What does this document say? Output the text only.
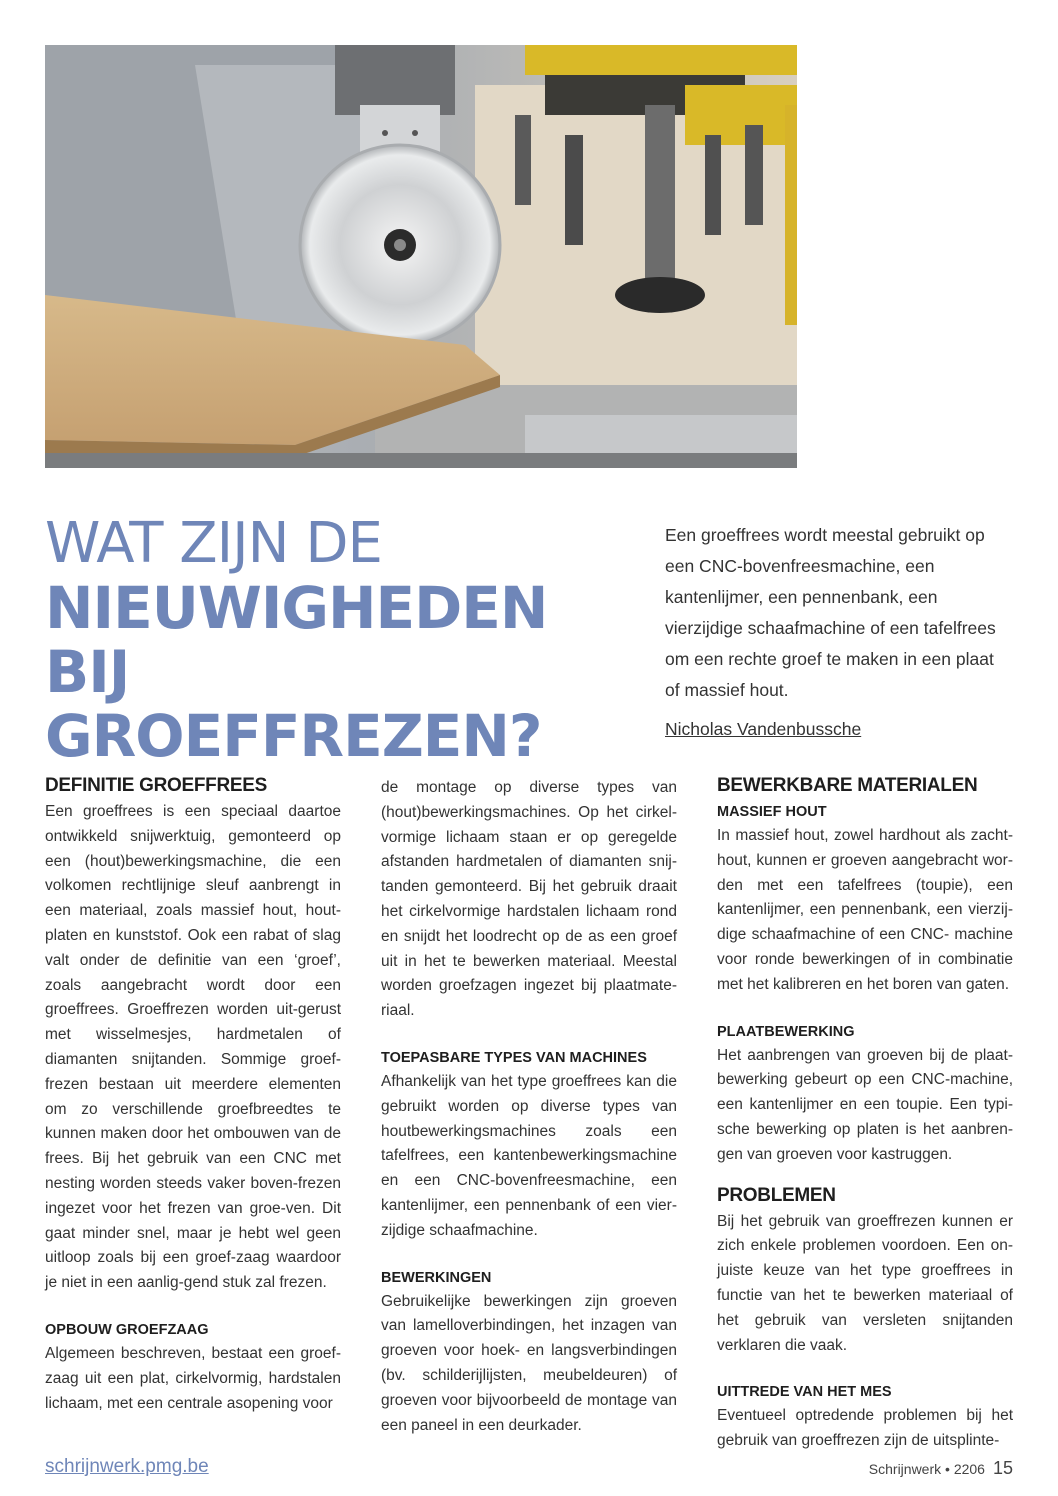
WAT ZIJN DE
NIEUWIGHEDEN
BIJ GROEFFREZEN?
Een groeffrees wordt meestal gebruikt op een CNC-bovenfreesmachine, een kantenlijmer, een pennenbank, een vierzijdige schaafmachine of een tafelfrees om een rechte groef te maken in een plaat of massief hout.
Nicholas Vandenbussche
DEFINITIE GROEFFREES

Een groeffrees is een speciaal daartoe ontwikkeld snijwerktuig, gemonteerd op een (hout)bewerkingsmachine, die een volkomen rechtlijnige sleuf aanbrengt in een materiaal, zoals massief hout, hout-platen en kunststof. Ook een rabat of slag valt onder de definitie van een ‘groef’, zoals aangebracht wordt door een groeffrees. Groeffrezen worden uit-gerust met wisselmesjes, hardmetalen of diamanten snijtanden. Sommige groef-frezen bestaan uit meerdere elementen om zo verschillende groefbreedtes te kunnen maken door het ombouwen van de frees. Bij het gebruik van een CNC met nesting worden steeds vaker boven-frezen ingezet voor het frezen van groe-ven. Dit gaat minder snel, maar je hebt wel geen uitloop zoals bij een groef-zaag waardoor je niet in een aanlig-gend stuk zal frezen.

OPBOUW GROEFZAAG

Algemeen beschreven, bestaat een groef-zaag uit een plat, cirkelvormig, hardstalen lichaam, met een centrale asopening voor

de montage op diverse types van (hout)bewerkingsmachines. Op het cirkel-vormige lichaam staan er op geregelde afstanden hardmetalen of diamanten snij-tanden gemonteerd. Bij het gebruik draait het cirkelvormige hardstalen lichaam rond en snijdt het loodrecht op de as een groef uit in het te bewerken materiaal. Meestal worden groefzagen ingezet bij plaatmate-riaal.

TOEPASBARE TYPES VAN MACHINES

Afhankelijk van het type groeffrees kan die gebruikt worden op diverse types van houtbewerkingsmachines zoals een tafelfrees, een kantenbewerkingsmachine en een CNC-bovenfreesmachine, een kantenlijmer, een pennenbank of een vier-zijdige schaafmachine.

BEWERKINGEN

Gebruikelijke bewerkingen zijn groeven van lamelloverbindingen, het inzagen van groeven voor hoek- en langsverbindingen (bv. schilderijlijsten, meubeldeuren) of groeven voor bijvoorbeeld de montage van een paneel in een deurkader.

BEWERKBARE MATERIALEN
MASSIEF HOUT

In massief hout, zowel hardhout als zacht-hout, kunnen er groeven aangebracht wor-den met een tafelfrees (toupie), een kantenlijmer, een pennenbank, een vierzij-dige schaafmachine of een CNC- machine voor ronde bewerkingen of in combinatie met het kalibreren en het boren van gaten.

PLAATBEWERKING

Het aanbrengen van groeven bij de plaat-bewerking gebeurt op een CNC-machine, een kantenlijmer en een toupie. Een typi-sche bewerking op platen is het aanbren-gen van groeven voor kastruggen.

PROBLEMEN

Bij het gebruik van groeffrezen kunnen er zich enkele problemen voordoen. Een on-juiste keuze van het type groeffrees in functie van het te bewerken materiaal of het gebruik van versleten snijtanden verklaren die vaak.

UITTREDE VAN HET MES

Eventueel optredende problemen bij het gebruik van groeffrezen zijn de uitsplinte-

schrijnwerk.pmg.be	Schrijnwerk • 2206 15
